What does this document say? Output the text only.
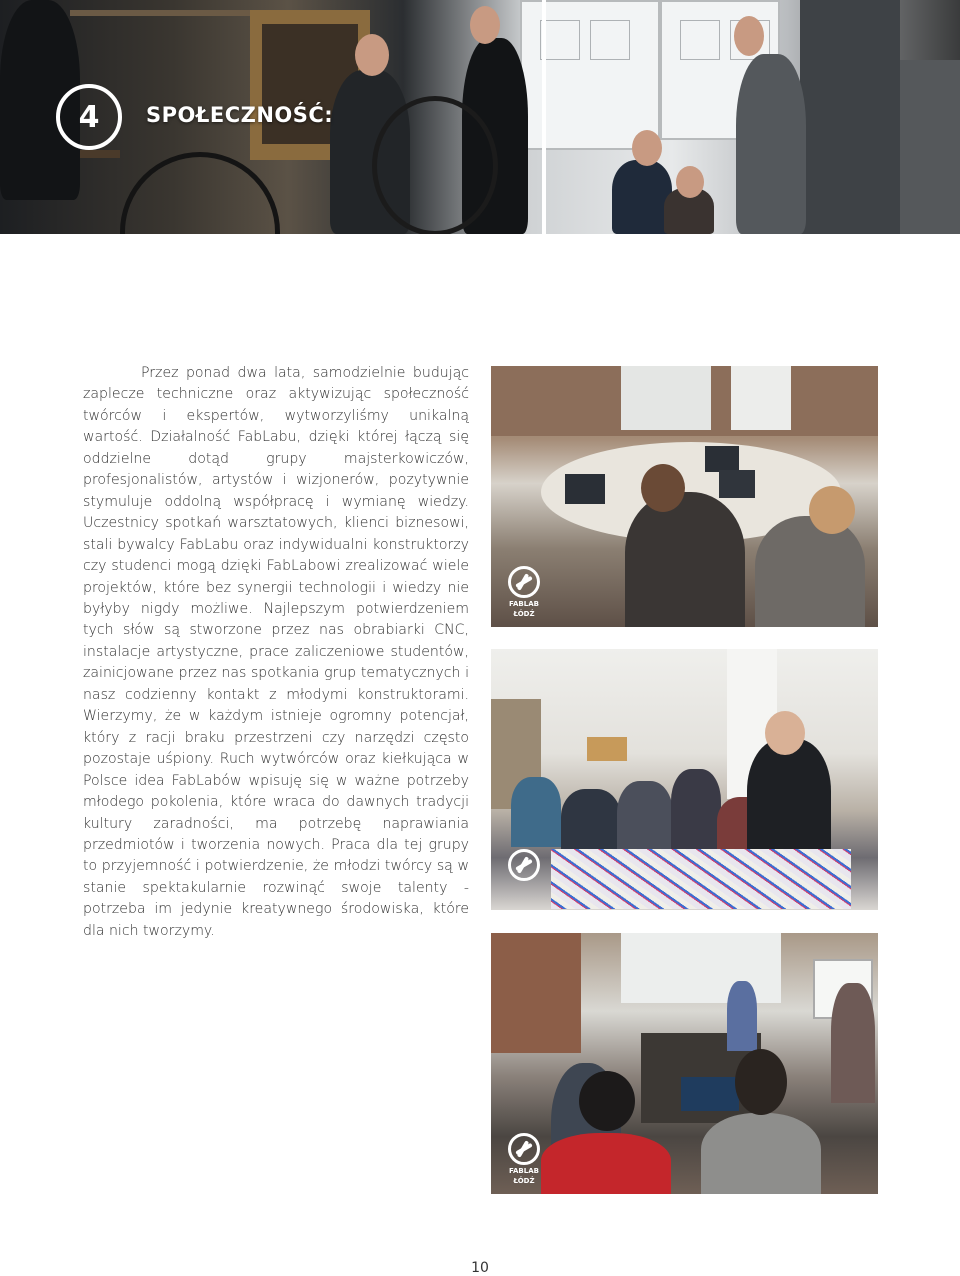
4 SPOŁECZNOŚĆ:

Przez ponad dwa lata, samodzielnie budując zaplecze techniczne oraz aktywizując społeczność twórców i ekspertów, wytworzyliśmy unikalną wartość. Działalność FabLabu, dzięki której łączą się oddzielne dotąd grupy majsterkowiczów, profesjonalistów, artystów i wizjonerów, pozytywnie stymuluje oddolną współpracę i wymianę wiedzy. Uczestnicy spotkań warsztatowych, klienci biznesowi, stali bywalcy FabLabu oraz indywidualni konstruktorzy czy studenci mogą dzięki FabLabowi zrealizować wiele projektów, które bez synergii technologii i wiedzy nie byłyby nigdy możliwe. Najlepszym potwierdzeniem tych słów są stworzone przez nas obrabiarki CNC, instalacje artystyczne, prace zaliczeniowe studentów, zainicjowane przez nas spotkania grup tematycznych i nasz codzienny kontakt z młodymi konstruktorami. Wierzymy, że w każdym istnieje ogromny potencjał, który z racji braku przestrzeni czy narzędzi często pozostaje uśpiony. Ruch wytwórców oraz kiełkująca w Polsce idea FabLabów wpisuję się w ważne potrzeby młodego pokolenia, które wraca do dawnych tradycji kultury zaradności, ma potrzebę naprawiania przedmiotów i tworzenia nowych. Praca dla tej grupy to przyjemność i potwierdzenie, że młodzi twórcy są w stanie spektakularnie rozwinąć swoje talenty - potrzeba im jedynie kreatywnego środowiska, które dla nich tworzymy.

FABLAB
ŁÓDŹ
FABLAB
ŁÓDŹ
10
